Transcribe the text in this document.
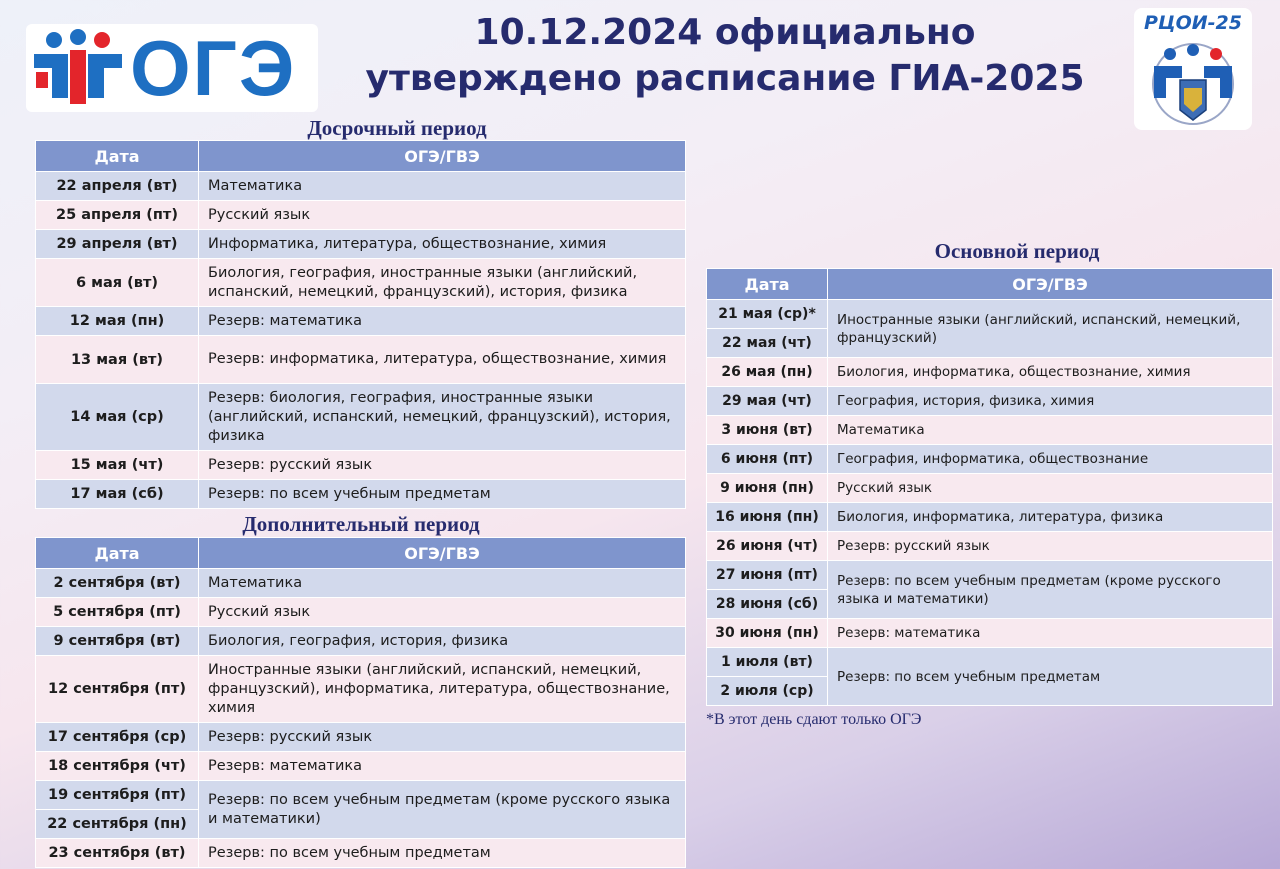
ОГЭ	10.12.2024 официально
утверждено расписание ГИА-2025
РЦОИ-25
Досрочный период
Дата	ОГЭ/ГВЭ
22 апреля (вт)	Математика
25 апреля (пт)	Русский язык
29 апреля (вт)	Информатика, литература, обществознание, химия
6 мая (вт)	Биология, география, иностранные языки (английский, испанский, немецкий, французский), история, физика
12 мая (пн)	Резерв: математика
13 мая (вт)	Резерв: информатика, литература, обществознание, химия
14 мая (ср)	Резерв: биология, география, иностранные языки (английский, испанский, немецкий, французский), история, физика
15 мая (чт)	Резерв: русский язык
17 мая (сб)	Резерв: по всем учебным предметам
Дополнительный период
Дата	ОГЭ/ГВЭ
2 сентября (вт)	Математика
5 сентября (пт)	Русский язык
9 сентября (вт)	Биология, география, история, физика
12 сентября (пт)	Иностранные языки (английский, испанский, немецкий, французский), информатика, литература, обществознание, химия
17 сентября (ср)	Резерв: русский язык
18 сентября (чт)	Резерв: математика
19 сентября (пт)	Резерв: по всем учебным предметам (кроме русского языка и математики)
22 сентября (пн)	
23 сентября (вт)	Резерв: по всем учебным предметам
Основной период
Дата	ОГЭ/ГВЭ
21 мая (ср)*	Иностранные языки (английский, испанский, немецкий, французский)
22 мая (чт)	
26 мая (пн)	Биология, информатика, обществознание, химия
29 мая (чт)	География, история, физика, химия
3 июня (вт)	Математика
6 июня (пт)	География, информатика, обществознание
9 июня (пн)	Русский язык
16 июня (пн)	Биология, информатика, литература, физика
26 июня (чт)	Резерв: русский язык
27 июня (пт)	Резерв: по всем учебным предметам (кроме русского языка и математики)
28 июня (сб)	
30 июня (пн)	Резерв: математика
1 июля (вт)	Резерв: по всем учебным предметам
2 июля (ср)	
*В этот день сдают только ОГЭ
